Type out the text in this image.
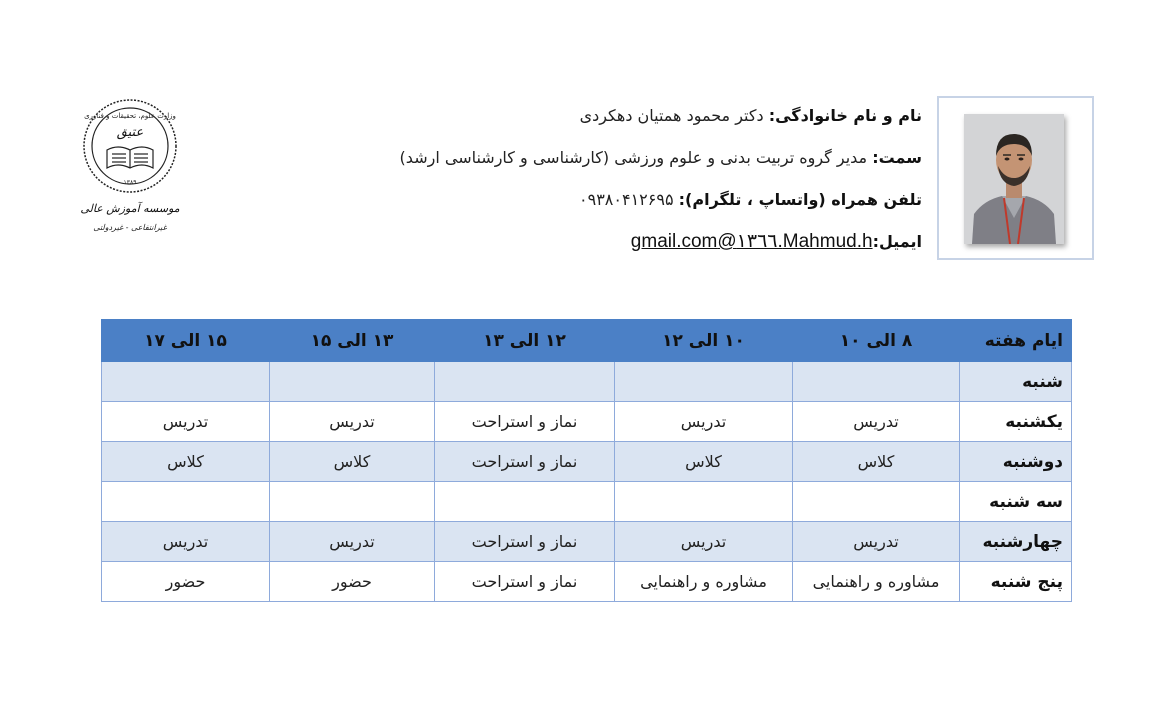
وزارت علوم، تحقیقات و فناوری
عتیق
۱۳۸۹
موسسه آموزش عالی
غیرانتفاعی - غیردولتی
نام و نام خانوادگی: دکتر محمود همتیان دهکردی
سمت: مدیر گروه تربیت بدنی و علوم ورزشی (کارشناسی و کارشناسی ارشد)
تلفن همراه (واتساپ ، تلگرام): ۰۹۳۸۰۴۱۲۶۹۵
ایمیل:Mahmud.h.١٣٦٦@gmail.com
ایام هفته	۸ الی ۱۰	۱۰ الی ۱۲	۱۲ الی ۱۳	۱۳ الی ۱۵	۱۵ الی ۱۷
شنبه					
یکشنبه	تدریس	تدریس	نماز و استراحت	تدریس	تدریس
دوشنبه	کلاس	کلاس	نماز و استراحت	کلاس	کلاس
سه شنبه					
چهارشنبه	تدریس	تدریس	نماز و استراحت	تدریس	تدریس
پنج شنبه	مشاوره و راهنمایی	مشاوره و راهنمایی	نماز و استراحت	حضور	حضور
